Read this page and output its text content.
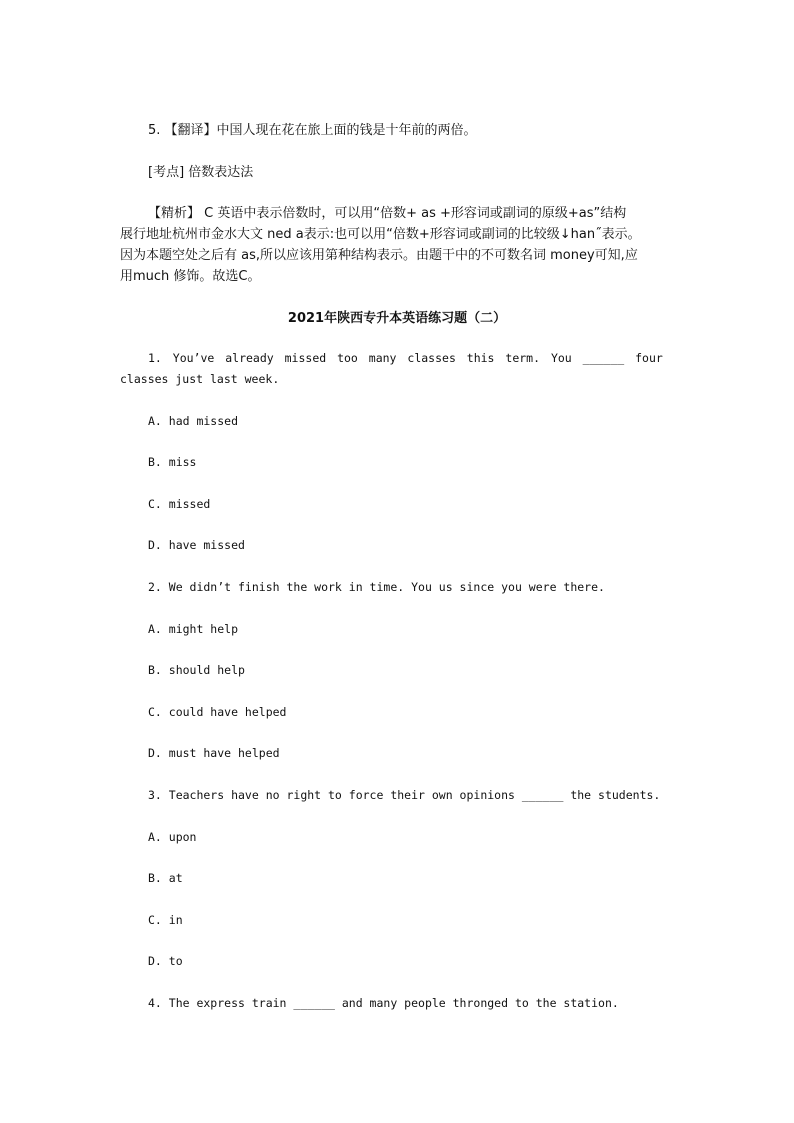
5. 【翻译】中国人现在花在旅上面的钱是十年前的两倍。
[考点] 倍数表达法
【精析】 C 英语中表示倍数时，可以用“倍数+ as +形容词或副词的原级+as”结构
展行地址杭州市金水大文 ned a表示:也可以用“倍数+形容词或副词的比较级↓han˝表示。
因为本题空处之后有 as,所以应该用第种结构表示。由题干中的不可数名词 money可知,应
用much 修饰。故选C。
2021年陕西专升本英语练习题（二）
1. You’ve already missed too many classes this term. You ______ four
classes just last week.
A. had missed
B. miss
C. missed
D. have missed
2. We didn’t finish the work in time. You us since you were there.
A. might help
B. should help
C. could have helped
D. must have helped
3. Teachers have no right to force their own opinions ______ the students.
A. upon
B. at
C. in
D. to
4. The express train ______ and many people thronged to the station.
